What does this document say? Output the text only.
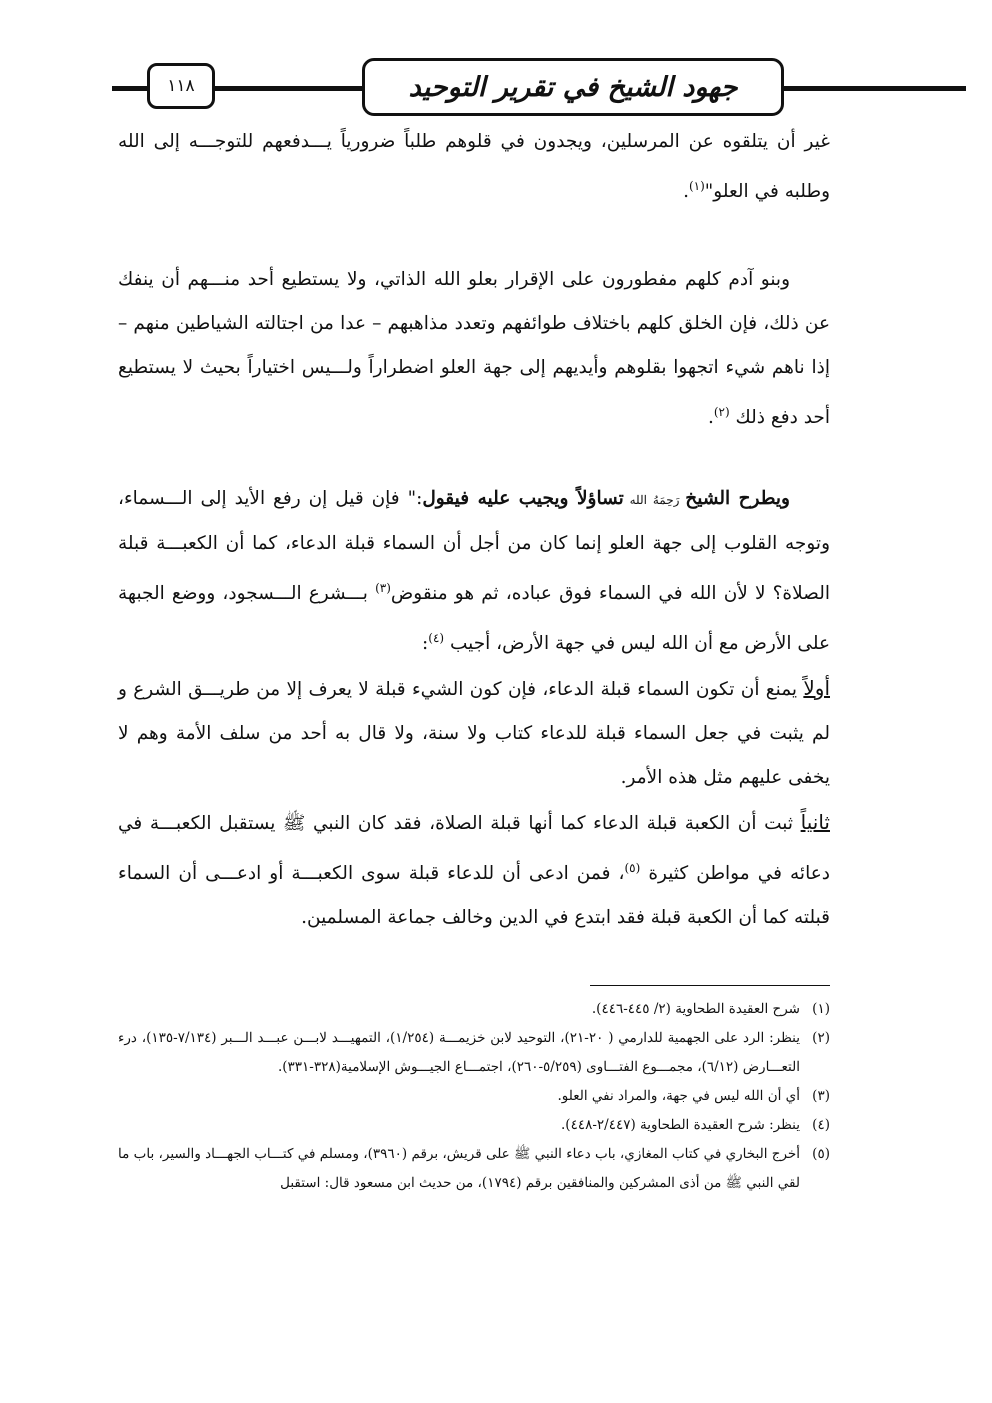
١١٨	جهود الشيخ في تقرير التوحيد

غير أن يتلقوه عن المرسلين، ويجدون في قلوهم طلباً ضرورياً يـــدفعهم للتوجـــه إلى الله وطلبه في العلو"$^{(١)}$.

وبنو آدم كلهم مفطورون على الإقرار بعلو الله الذاتي، ولا يستطيع أحد منـــهم أن ينفك عن ذلك، فإن الخلق كلهم باختلاف طوائفهم وتعدد مذاهبهم – عدا من اجتالته الشياطين منهم – إذا ناهم شيء اتجهوا بقلوهم وأيديهم إلى جهة العلو اضطراراً ولـــيس اختياراً بحيث لا يستطيع أحد دفع ذلك $^{(٢)}$.

ويطرح الشيخ رَحِمَهُ الله تساؤلاً ويجيب عليه فيقول:" فإن قيل إن رفع الأيد إلى الـــسماء، وتوجه القلوب إلى جهة العلو إنما كان من أجل أن السماء قبلة الدعاء، كما أن الكعبـــة قبلة الصلاة؟ لا لأن الله في السماء فوق عباده، ثم هو منقوض$^{(٣)}$ بـــشرع الـــسجود، ووضع الجبهة على الأرض مع أن الله ليس في جهة الأرض، أجيب $^{(٤)}$:

أولاً يمنع أن تكون السماء قبلة الدعاء، فإن كون الشيء قبلة لا يعرف إلا من طريـــق الشرع و لم يثبت في جعل السماء قبلة للدعاء كتاب ولا سنة، ولا قال به أحد من سلف الأمة وهم لا يخفى عليهم مثل هذه الأمر.

ثانياً ثبت أن الكعبة قبلة الدعاء كما أنها قبلة الصلاة، فقد كان النبي ﷺ يستقبل الكعبـــة في دعائه في مواطن كثيرة $^{(٥)}$، فمن ادعى أن للدعاء قبلة سوى الكعبـــة أو ادعـــى أن السماء قبلته كما أن الكعبة قبلة فقد ابتدع في الدين وخالف جماعة المسلمين.

(١)
شرح العقيدة الطحاوية (٢/ ٤٤٥-٤٤٦).

(٢)
ينظر: الرد على الجهمية للدارمي ( ٢٠-٢١)، التوحيد لابن خزيمـــة (١/٢٥٤)، التمهيـــد لابـــن عبـــد الـــبر (٧/١٣٤-١٣٥)، درء التعـــارض (٦/١٢)، مجمـــوع الفتـــاوى (٥/٢٥٩-٢٦٠)، اجتمـــاع الجيـــوش الإسلامية(٣٢٨-٣٣١).

(٣)
أي أن الله ليس في جهة، والمراد نفي العلو.

(٤)
ينظر: شرح العقيدة الطحاوية (٢/٤٤٧-٤٤٨).

(٥)
أخرج البخاري في كتاب المغازي، باب دعاء النبي ﷺ على قريش، برقم (٣٩٦٠)، ومسلم في كتـــاب الجهـــاد والسير، باب ما لقي النبي ﷺ من أذى المشركين والمنافقين برقم (١٧٩٤)، من حديث ابن مسعود قال: استقبل
